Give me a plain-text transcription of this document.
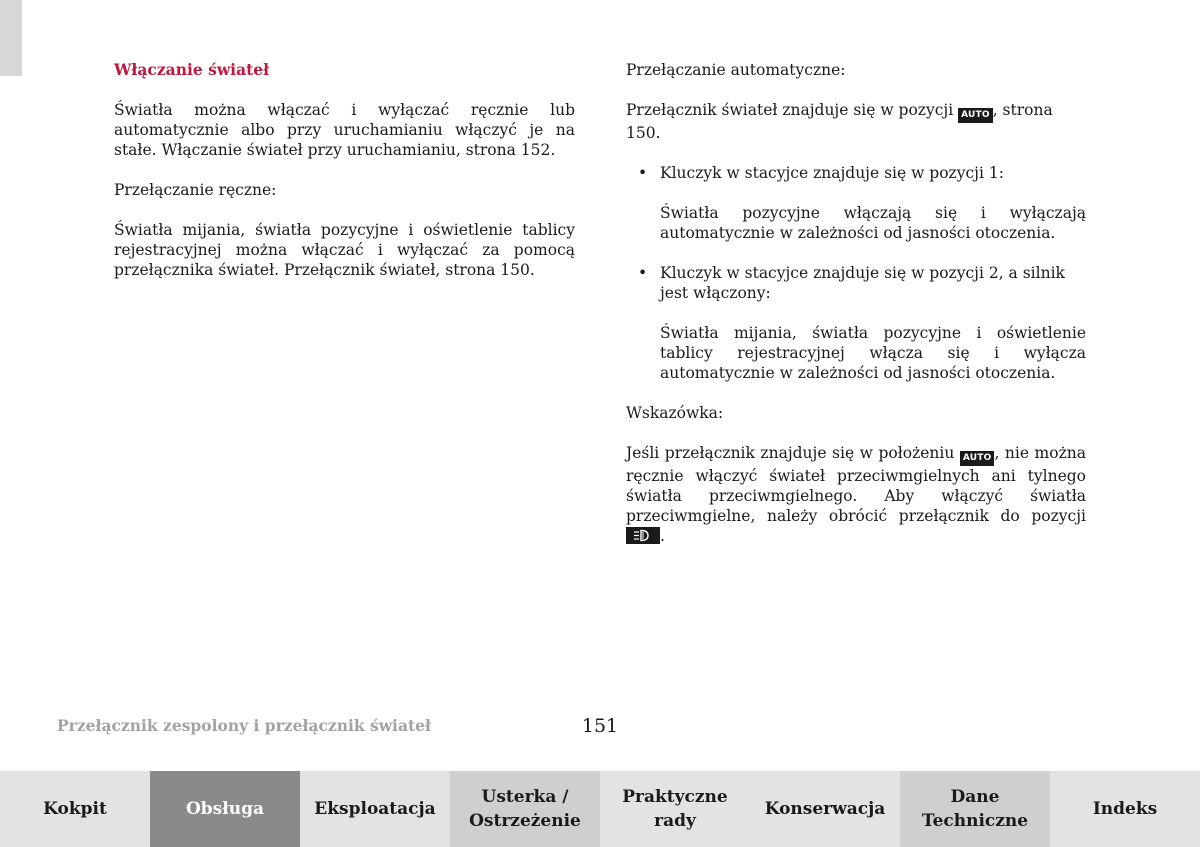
Włączanie świateł

Światła można włączać i wyłączać ręcznie lub automatycznie albo przy uruchamianiu włączyć je na stałe. Włączanie świateł przy uruchamianiu, strona 152.

Przełączanie ręczne:

Światła mijania, światła pozycyjne i oświetlenie tablicy rejestracyjnej można włączać i wyłączać za pomocą przełącznika świateł. Przełącznik świateł, strona 150.

Przełączanie automatyczne:

Przełącznik świateł znajduje się w pozycji AUTO , strona 150.

• Kluczyk w stacyjce znajduje się w pozycji 1:

Światła pozycyjne włączają się i wyłączają automatycznie w zależności od jasności otoczenia.

• Kluczyk w stacyjce znajduje się w pozycji 2, a silnik jest włączony:

Światła mijania, światła pozycyjne i oświetlenie tablicy rejestracyjnej włącza się i wyłącza automatycznie w zależności od jasności otoczenia.

Wskazówka:

Jeśli przełącznik znajduje się w położeniu AUTO , nie można ręcznie włączyć świateł przeciwmgielnych ani tylnego światła przeciwmgielnego. Aby włączyć światła przeciwmgielne, należy obrócić przełącznik do pozycji .

Przełącznik zespolony i przełącznik świateł	151
Kokpit	Obsługa	Eksploatacja
Usterka /
Ostrzeżenie
Praktyczne
rady
Konserwacja
Dane
Techniczne
Indeks
